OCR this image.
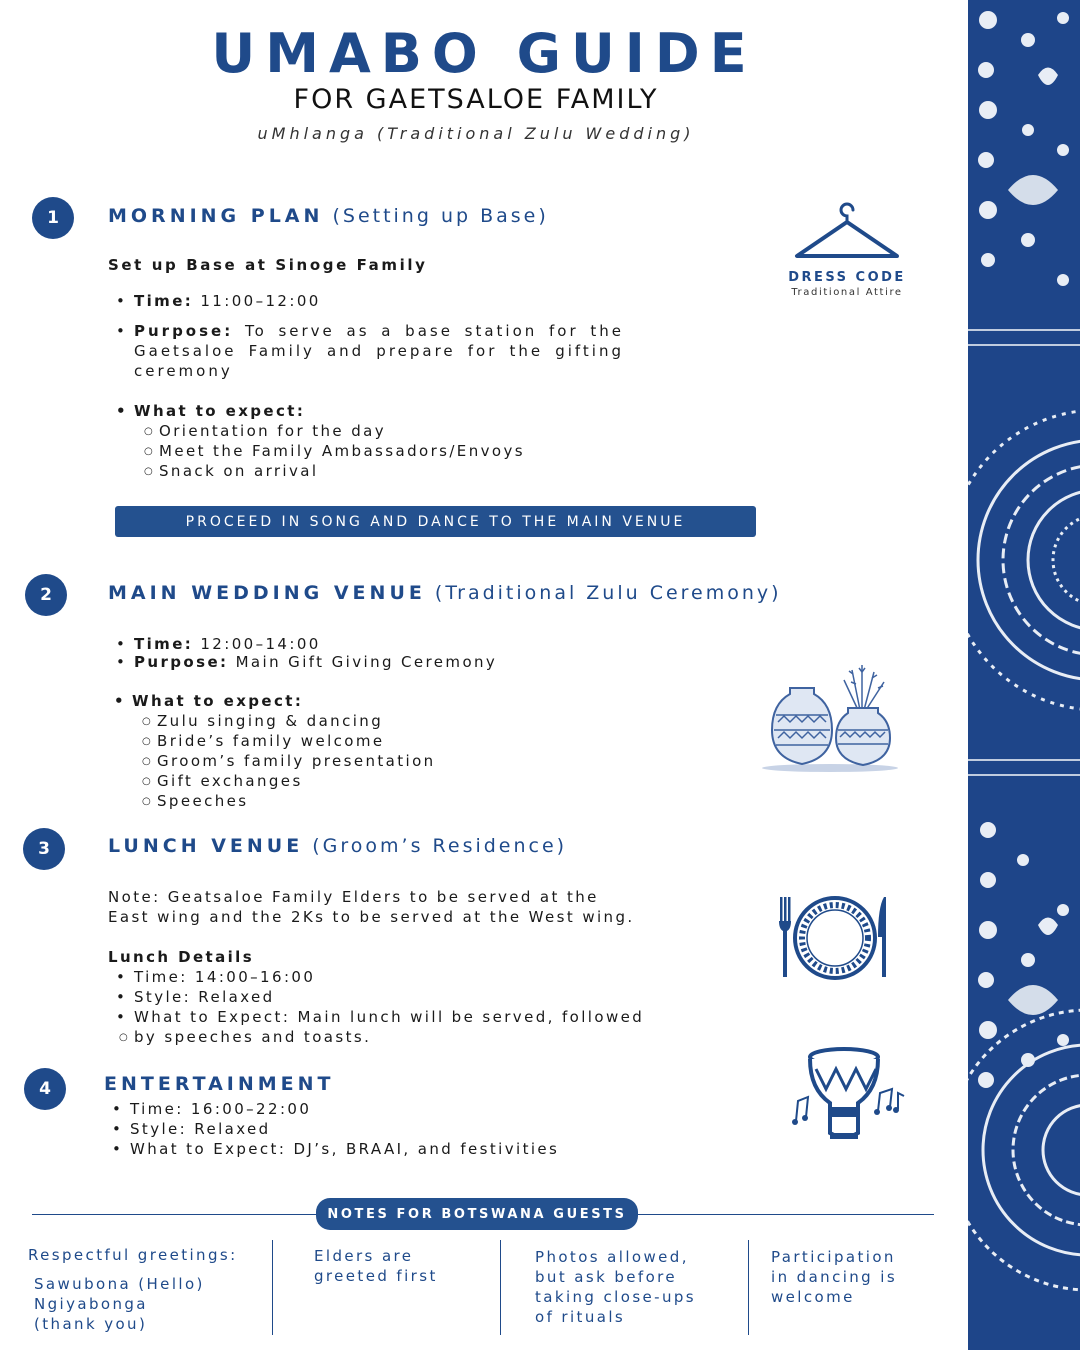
UMABO GUIDE
FOR GAETSALOE FAMILY
uMhlanga (Traditional Zulu Wedding)
DRESS CODE
Traditional Attire
1	MORNING PLAN (Setting up Base)
Set up Base at Sinoge Family
• Time: 11:00–12:00
• Purpose: To serve as a base station for the Gaetsaloe Family and prepare for the gifting ceremony
• What to expect:
○ Orientation for the day
○ Meet the Family Ambassadors/Envoys
○ Snack on arrival
PROCEED IN SONG AND DANCE TO THE MAIN VENUE
2	MAIN WEDDING VENUE (Traditional Zulu Ceremony)
• Time: 12:00–14:00
• Purpose: Main Gift Giving Ceremony
• What to expect:
○ Zulu singing & dancing
○ Bride’s family welcome
○ Groom’s family presentation
○ Gift exchanges
○ Speeches
3	LUNCH VENUE (Groom’s Residence)
Note: Geatsaloe Family Elders to be served at the
East wing and the 2Ks to be served at the West wing.
Lunch Details
• Time: 14:00–16:00
• Style: Relaxed
• What to Expect: Main lunch will be served, followed
○ by speeches and toasts.
4	ENTERTAINMENT
• Time: 16:00–22:00
• Style: Relaxed
• What to Expect: DJ’s, BRAAI, and festivities
NOTES FOR BOTSWANA GUESTS
Respectful greetings:
Sawubona (Hello)
Ngiyabonga
(thank you)
Elders are
greeted first
Photos allowed,
but ask before
taking close-ups
of rituals
Participation
in dancing is
welcome
